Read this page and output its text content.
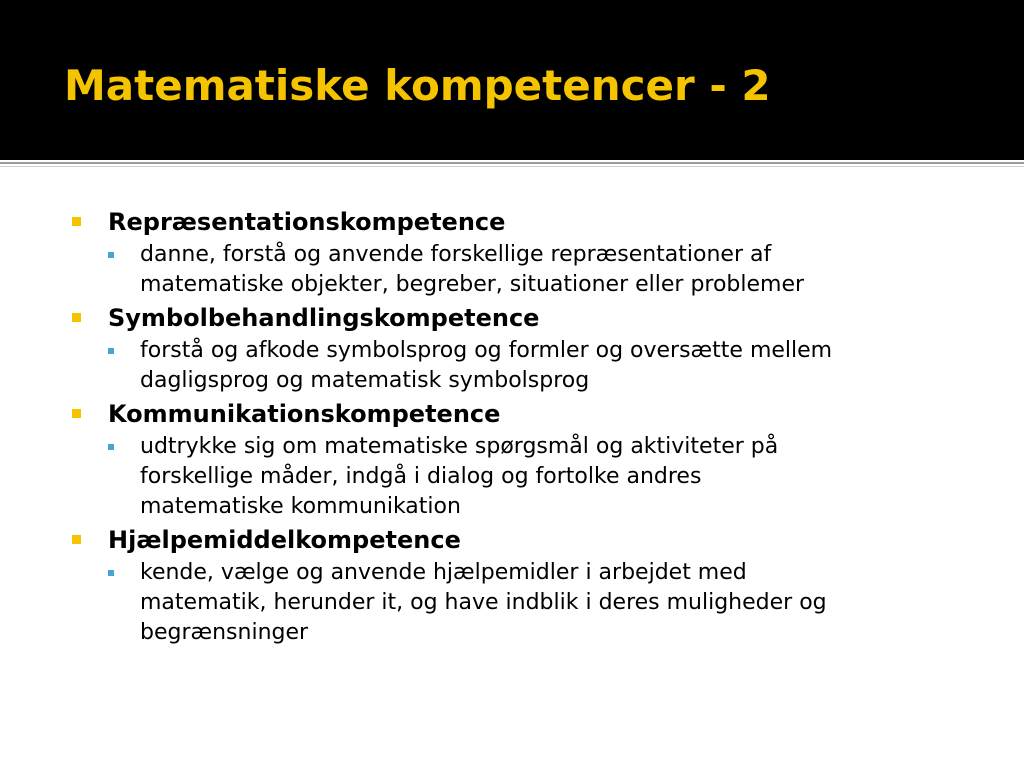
Matematiske kompetencer - 2
Repræsentationskompetence
danne, forstå og anvende forskellige repræsentationer af
matematiske objekter, begreber, situationer eller problemer
Symbolbehandlingskompetence
forstå og afkode symbolsprog og formler og oversætte mellem
dagligsprog og matematisk symbolsprog
Kommunikationskompetence
udtrykke sig om matematiske spørgsmål og aktiviteter på
forskellige måder, indgå i dialog og fortolke andres
matematiske kommunikation
Hjælpemiddelkompetence
kende, vælge og anvende hjælpemidler i arbejdet med
matematik, herunder it, og have indblik i deres muligheder og
begrænsninger
